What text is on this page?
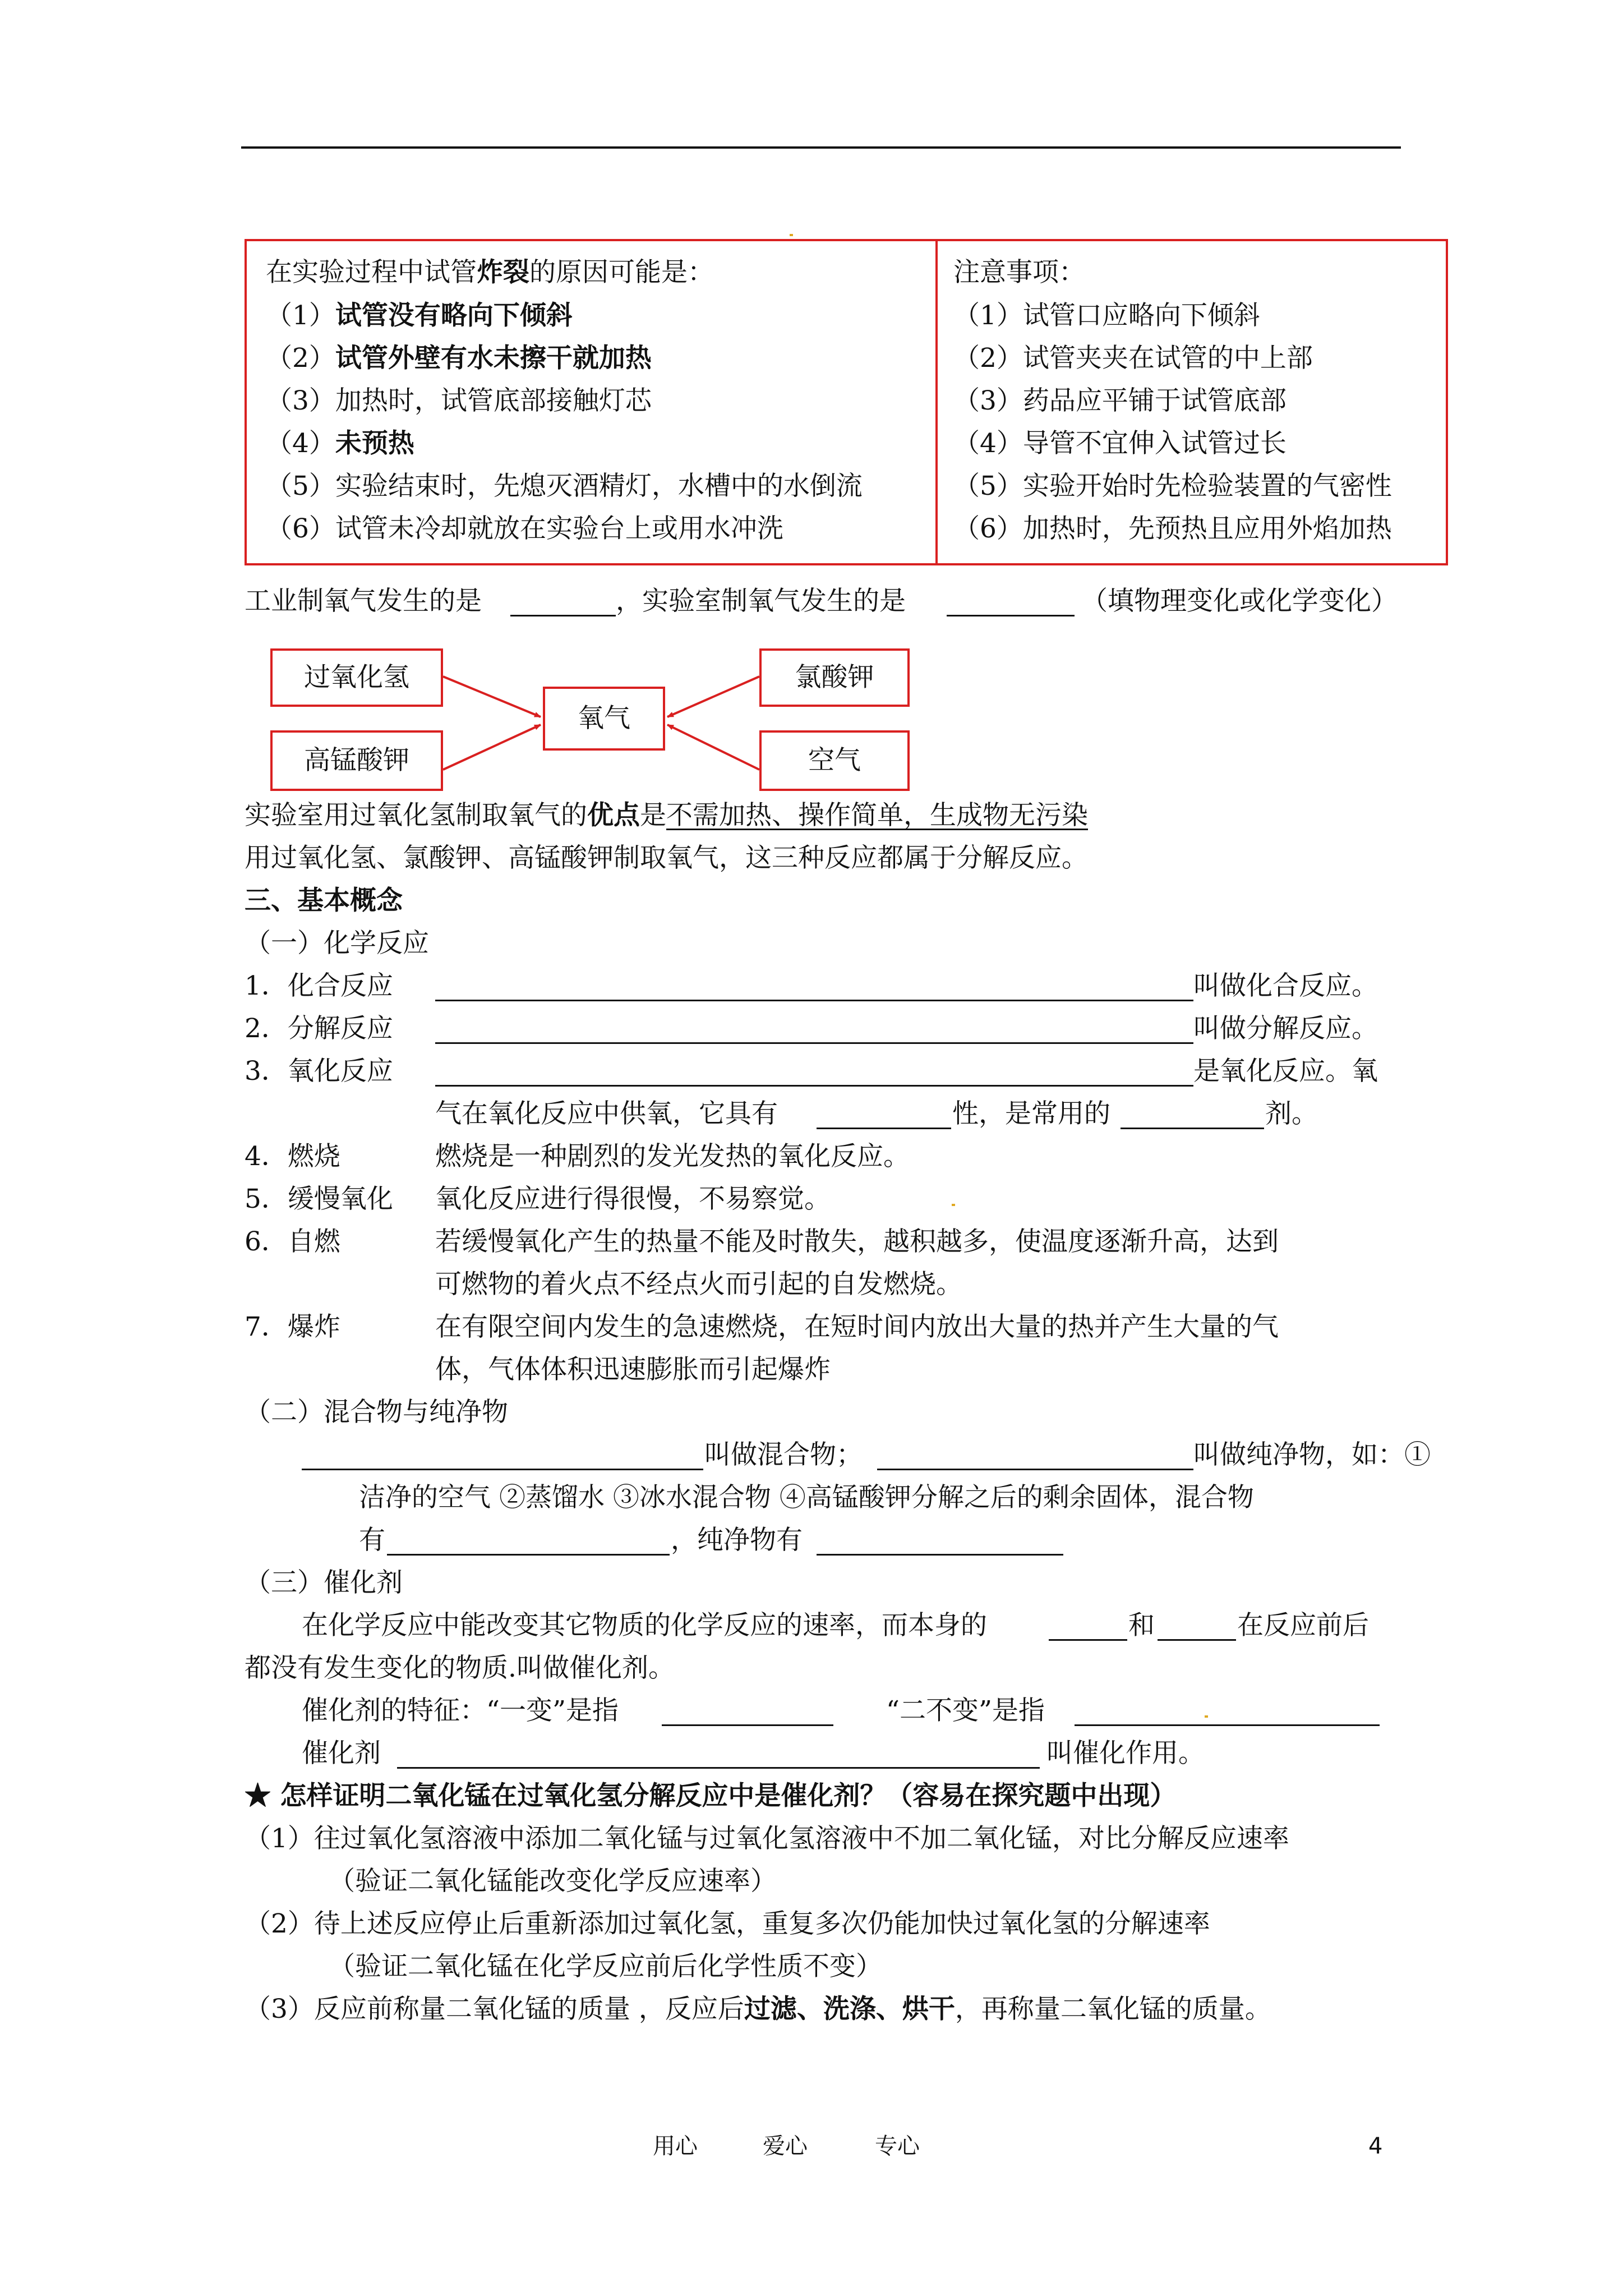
在实验过程中试管炸裂的原因可能是：
（1）试管没有略向下倾斜
（2）试管外壁有水未擦干就加热
（3）加热时，试管底部接触灯芯
（4）未预热
（5）实验结束时，先熄灭酒精灯，水槽中的水倒流
（6）试管未冷却就放在实验台上或用水冲洗
注意事项：
（1）试管口应略向下倾斜
（2）试管夹夹在试管的中上部
（3）药品应平铺于试管底部
（4）导管不宜伸入试管过长
（5）实验开始时先检验装置的气密性
（6）加热时，先预热且应用外焰加热
工业制氧气发生的是	，实验室制氧气发生的是	（填物理变化或化学变化）
过氧化氢
高锰酸钾
氧气
氯酸钾
空气
实验室用过氧化氢制取氧气的优点是不需加热、操作简单，生成物无污染
用过氧化氢、氯酸钾、高锰酸钾制取氧气，这三种反应都属于分解反应。
三、基本概念
（一）化学反应
1．化合反应	叫做化合反应。
2．分解反应	叫做分解反应。
3．氧化反应	是氧化反应。氧
气在氧化反应中供氧，它具有	性，是常用的	剂。
4．燃烧	燃烧是一种剧烈的发光发热的氧化反应。
5．缓慢氧化 氧化反应进行得很慢，不易察觉。
6．自燃	若缓慢氧化产生的热量不能及时散失，越积越多，使温度逐渐升高，达到
可燃物的着火点不经点火而引起的自发燃烧。
7．爆炸	在有限空间内发生的急速燃烧，在短时间内放出大量的热并产生大量的气
体，气体体积迅速膨胀而引起爆炸
（二）混合物与纯净物
叫做混合物；	叫做纯净物，如：①
洁净的空气 ②蒸馏水 ③冰水混合物 ④高锰酸钾分解之后的剩余固体，混合物
有	，纯净物有
（三）催化剂
在化学反应中能改变其它物质的化学反应的速率，而本身的	和	在反应前后
都没有发生变化的物质.叫做催化剂。
催化剂的特征：“一变”是指	“二不变”是指
催化剂	叫催化作用。
★ 怎样证明二氧化锰在过氧化氢分解反应中是催化剂？（容易在探究题中出现）
（1）往过氧化氢溶液中添加二氧化锰与过氧化氢溶液中不加二氧化锰，对比分解反应速率
（验证二氧化锰能改变化学反应速率）
（2）待上述反应停止后重新添加过氧化氢，重复多次仍能加快过氧化氢的分解速率
（验证二氧化锰在化学反应前后化学性质不变）
（3）反应前称量二氧化锰的质量 ，反应后过滤、洗涤、烘干，再称量二氧化锰的质量。
用心	爱心	专心	4
